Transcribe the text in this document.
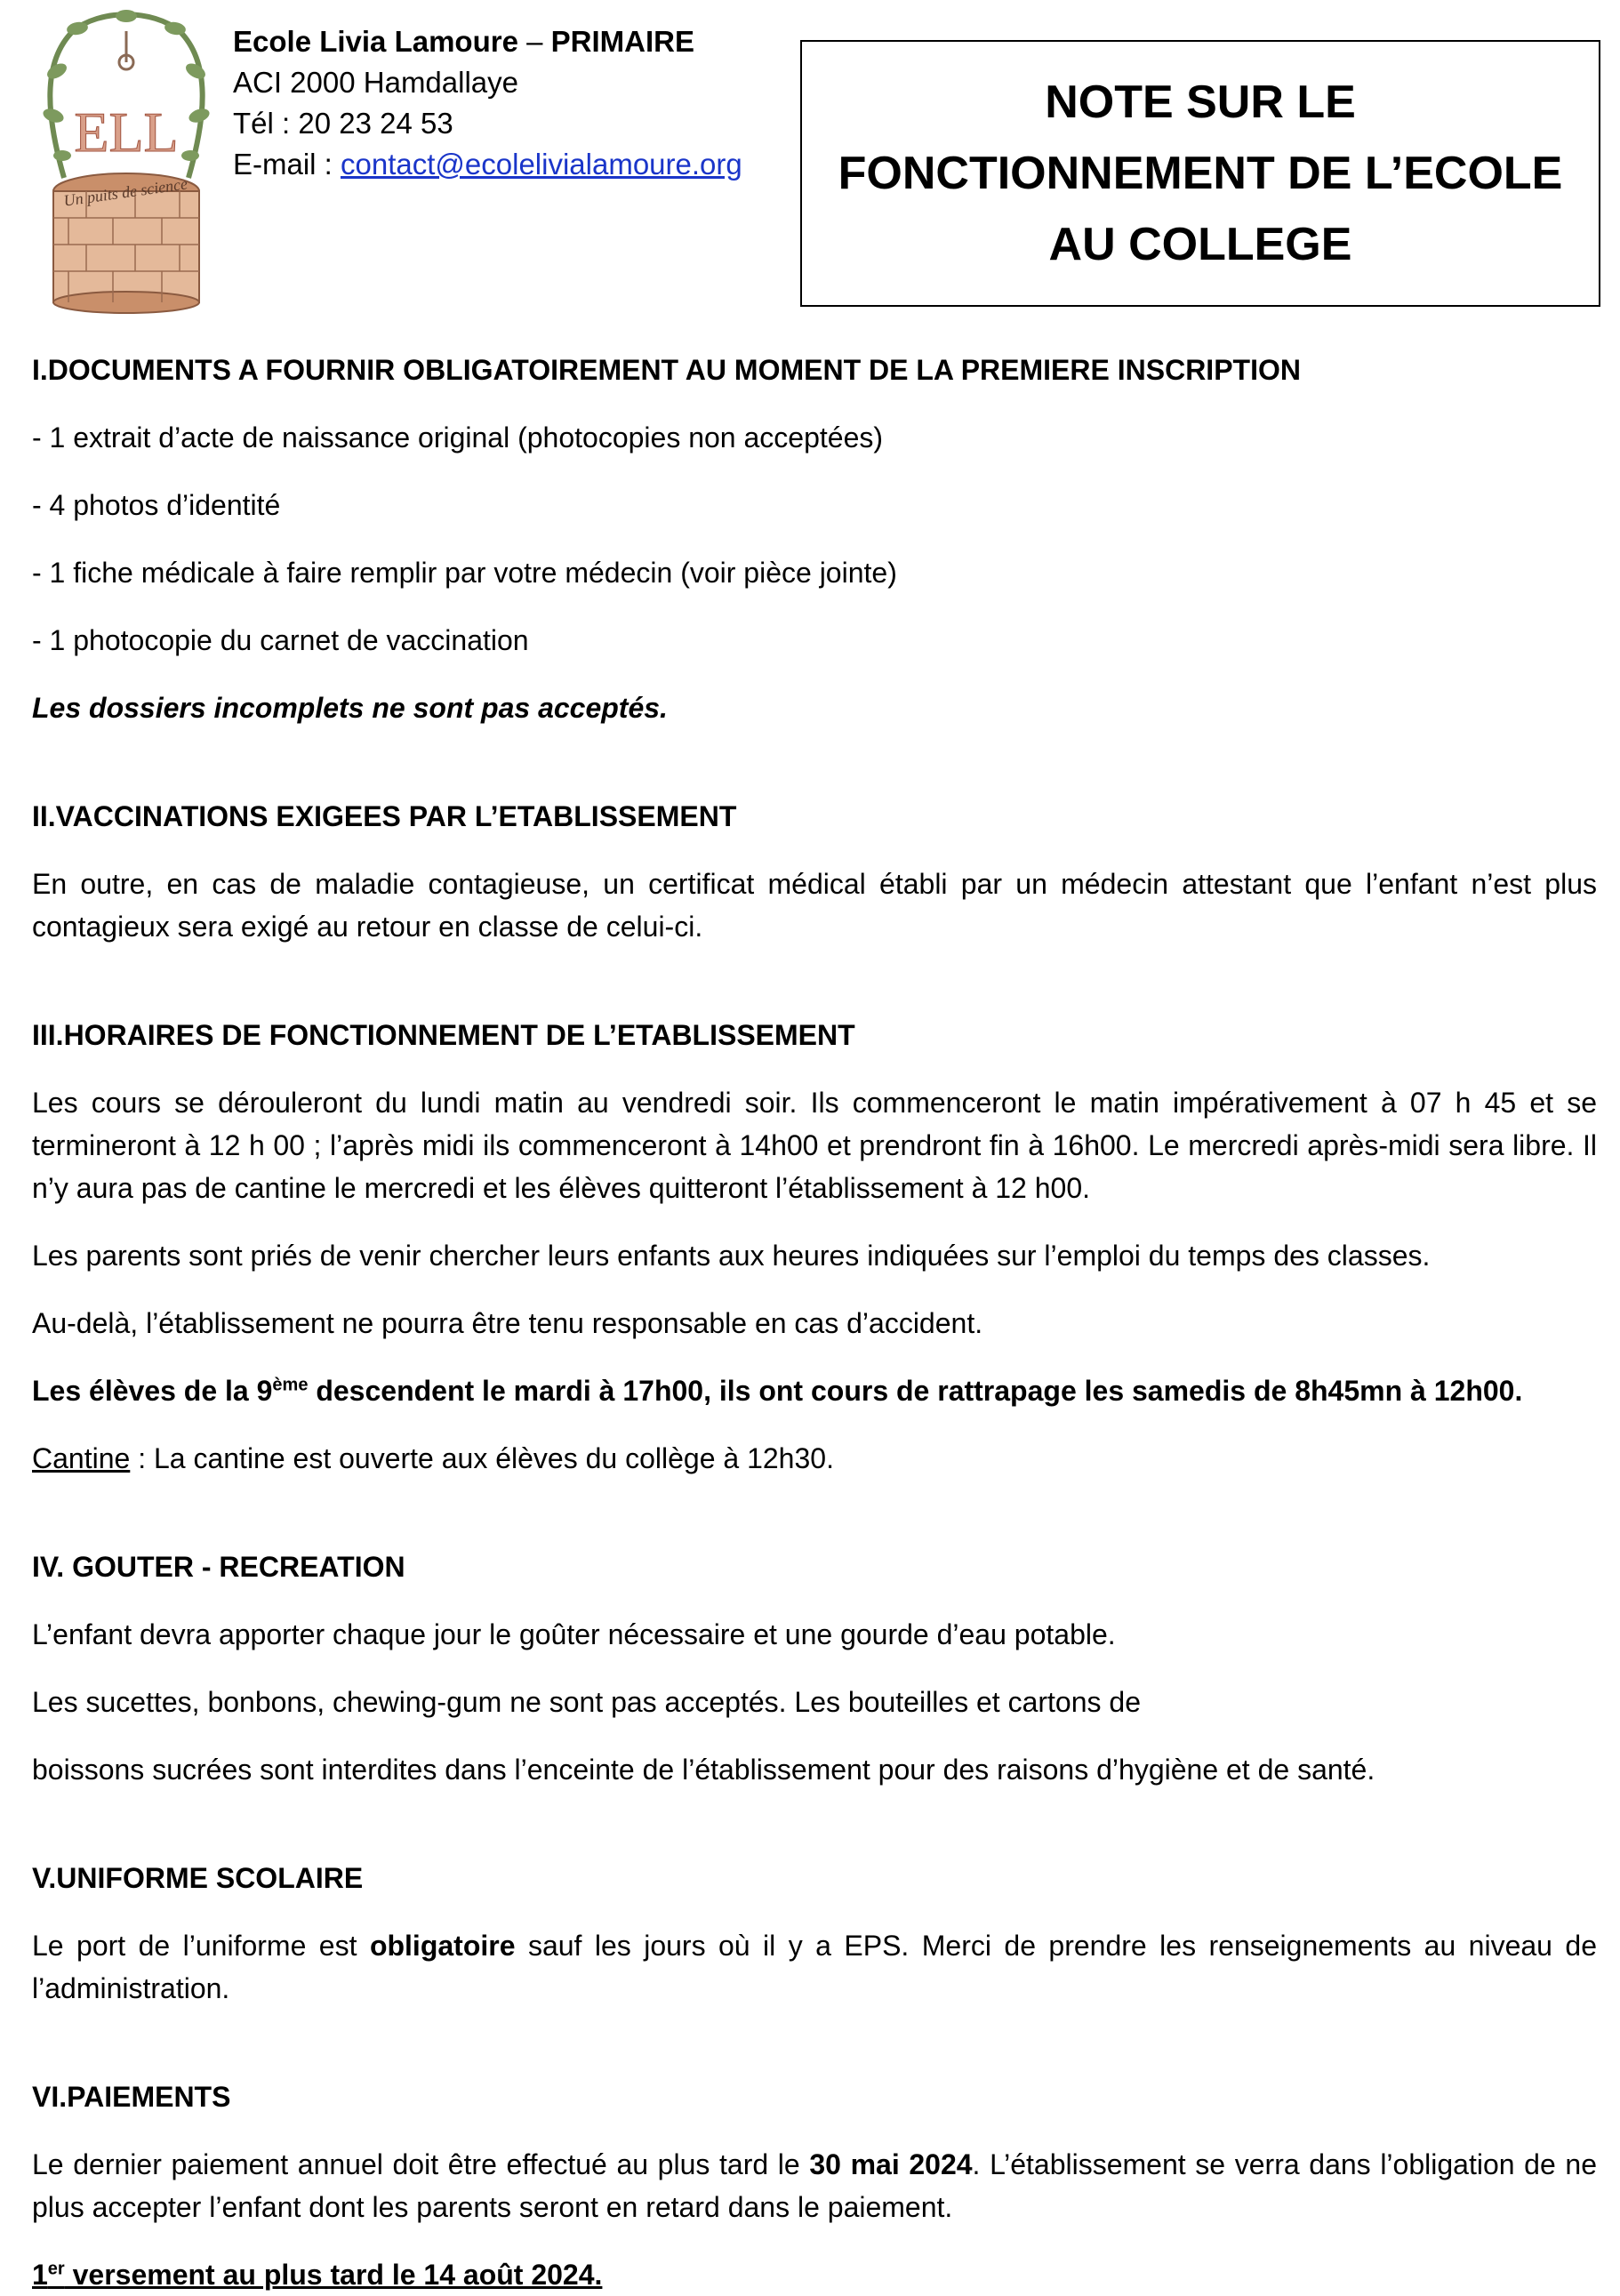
ELL
Un puits de science
Ecole Livia Lamoure – PRIMAIRE
ACI 2000 Hamdallaye
Tél : 20 23 24 53
E-mail : contact@ecolelivialamoure.org
NOTE SUR LE
FONCTIONNEMENT DE L’ECOLE
AU COLLEGE

I.DOCUMENTS A FOURNIR OBLIGATOIREMENT AU MOMENT DE LA PREMIERE INSCRIPTION

- 1 extrait d’acte de naissance original (photocopies non acceptées)

- 4 photos d’identité

- 1 fiche médicale à faire remplir par votre médecin (voir pièce jointe)

- 1 photocopie du carnet de vaccination

Les dossiers incomplets ne sont pas acceptés.

II.VACCINATIONS EXIGEES PAR L’ETABLISSEMENT

En outre, en cas de maladie contagieuse, un certificat médical établi par un médecin attestant que l’enfant n’est plus contagieux sera exigé au retour en classe de celui-ci.

III.HORAIRES DE FONCTIONNEMENT DE L’ETABLISSEMENT

Les cours se dérouleront du lundi matin au vendredi soir. Ils commenceront le matin impérativement à 07 h 45 et se termineront à 12 h 00 ; l’après midi ils commenceront à 14h00 et prendront fin à 16h00. Le mercredi après-midi sera libre. Il n’y aura pas de cantine le mercredi et les élèves quitteront l’établissement à 12 h00.

Les parents sont priés de venir chercher leurs enfants aux heures indiquées sur l’emploi du temps des classes.

Au-delà, l’établissement ne pourra être tenu responsable en cas d’accident.

Les élèves de la 9ème descendent le mardi à 17h00, ils ont cours de rattrapage les samedis de 8h45mn à 12h00.

Cantine : La cantine est ouverte aux élèves du collège à 12h30.

IV. GOUTER - RECREATION

L’enfant devra apporter chaque jour le goûter nécessaire et une gourde d’eau potable.

Les sucettes, bonbons, chewing-gum ne sont pas acceptés. Les bouteilles et cartons de

boissons sucrées sont interdites dans l’enceinte de l’établissement pour des raisons d’hygiène et de santé.

V.UNIFORME SCOLAIRE

Le port de l’uniforme est obligatoire sauf les jours où il y a EPS. Merci de prendre les renseignements au niveau de l’administration.

VI.PAIEMENTS

Le dernier paiement annuel doit être effectué au plus tard le 30 mai 2024. L’établissement se verra dans l’obligation de ne plus accepter l’enfant dont les parents seront en retard dans le paiement.

1er versement au plus tard le 14 août 2024.
